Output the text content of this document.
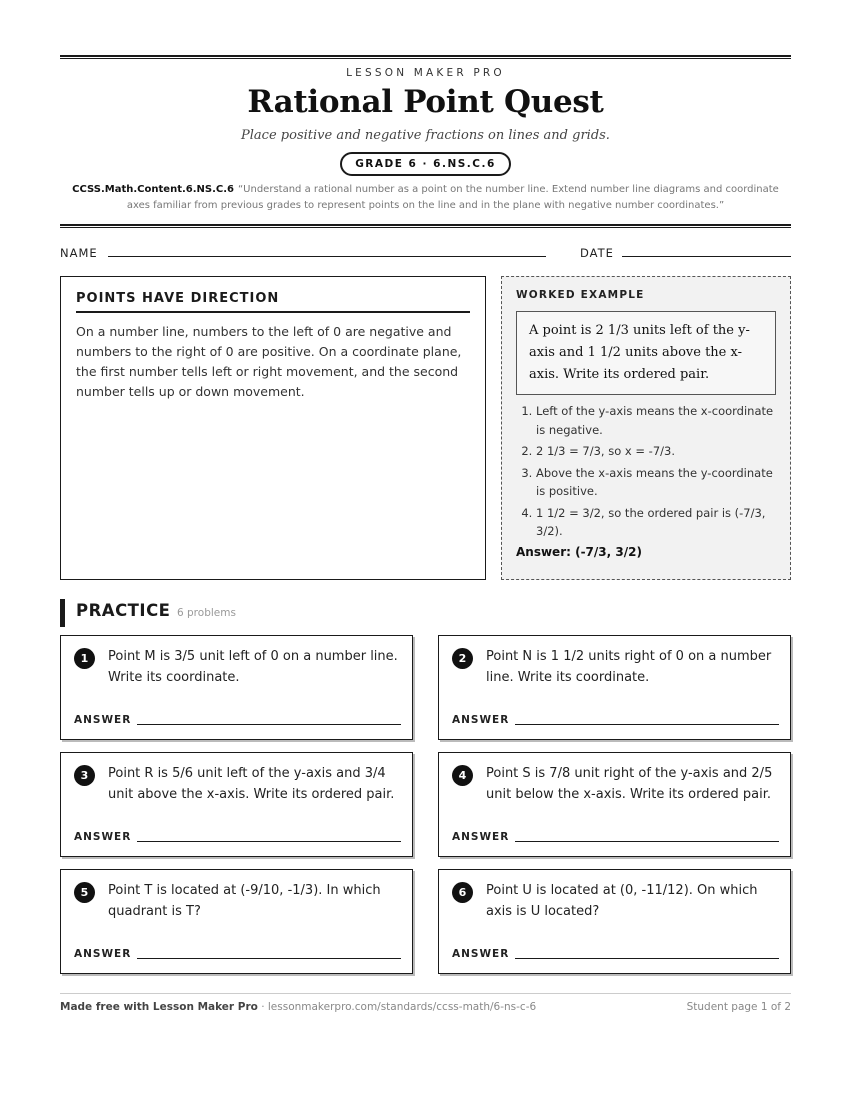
LESSON MAKER PRO
Rational Point Quest
Place positive and negative fractions on lines and grids.
GRADE 6 · 6.NS.C.6
CCSS.Math.Content.6.NS.C.6 “Understand a rational number as a point on the number line. Extend number line diagrams and coordinate axes familiar from previous grades to represent points on the line and in the plane with negative number coordinates.”
NAME	DATE
POINTS HAVE DIRECTION
On a number line, numbers to the left of 0 are negative and numbers to the right of 0 are positive. On a coordinate plane, the first number tells left or right movement, and the second number tells up or down movement.
WORKED EXAMPLE
A point is 2 1/3 units left of the y-axis and 1 1/2 units above the x-axis. Write its ordered pair.
1. Left of the y-axis means the x-coordinate is negative.
2. 2 1/3 = 7/3, so x = -7/3.
3. Above the x-axis means the y-coordinate is positive.
4. 1 1/2 = 3/2, so the ordered pair is (-7/3, 3/2).
Answer: (-7/3, 3/2)
PRACTICE 6 problems
1	Point M is 3/5 unit left of 0 on a number line. Write its coordinate.
ANSWER
2	Point N is 1 1/2 units right of 0 on a number line. Write its coordinate.
ANSWER
3	Point R is 5/6 unit left of the y-axis and 3/4 unit above the x-axis. Write its ordered pair.
ANSWER
4	Point S is 7/8 unit right of the y-axis and 2/5 unit below the x-axis. Write its ordered pair.
ANSWER
5	Point T is located at (-9/10, -1/3). In which quadrant is T?
ANSWER
6	Point U is located at (0, -11/12). On which axis is U located?
ANSWER
Made free with Lesson Maker Pro · lessonmakerpro.com/standards/ccss-math/6-ns-c-6	Student page 1 of 2
